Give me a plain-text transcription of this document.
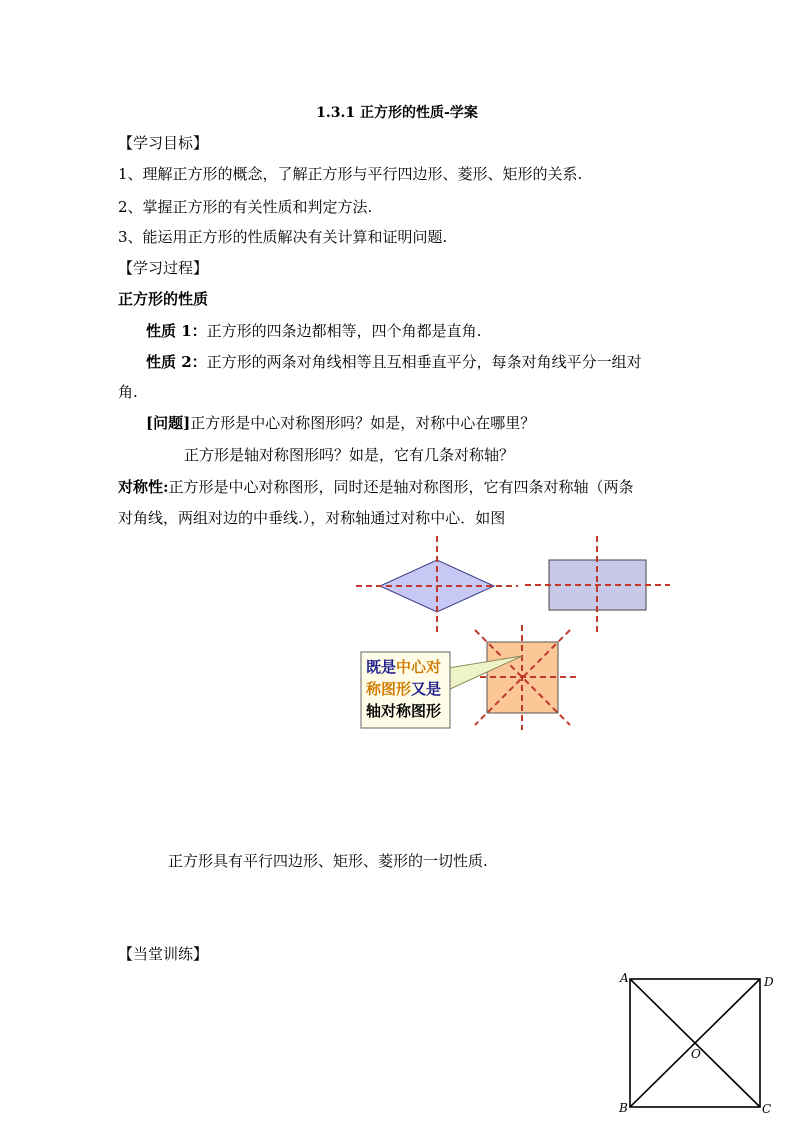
1.3.1 正方形的性质-学案
【学习目标】
1、理解正方形的概念，了解正方形与平行四边形、菱形、矩形的关系.
2、掌握正方形的有关性质和判定方法.
3、能运用正方形的性质解决有关计算和证明问题.
【学习过程】
正方形的性质
性质 1：正方形的四条边都相等，四个角都是直角.
性质 2：正方形的两条对角线相等且互相垂直平分，每条对角线平分一组对
角.
[问题]正方形是中心对称图形吗？如是，对称中心在哪里？
正方形是轴对称图形吗？如是，它有几条对称轴？
对称性:正方形是中心对称图形，同时还是轴对称图形，它有四条对称轴（两条
对角线，两组对边的中垂线.），对称轴通过对称中心．如图
既是中心对
称图形又是
轴对称图形
A	D
B	C
O
正方形具有平行四边形、矩形、菱形的一切性质.
【当堂训练】
